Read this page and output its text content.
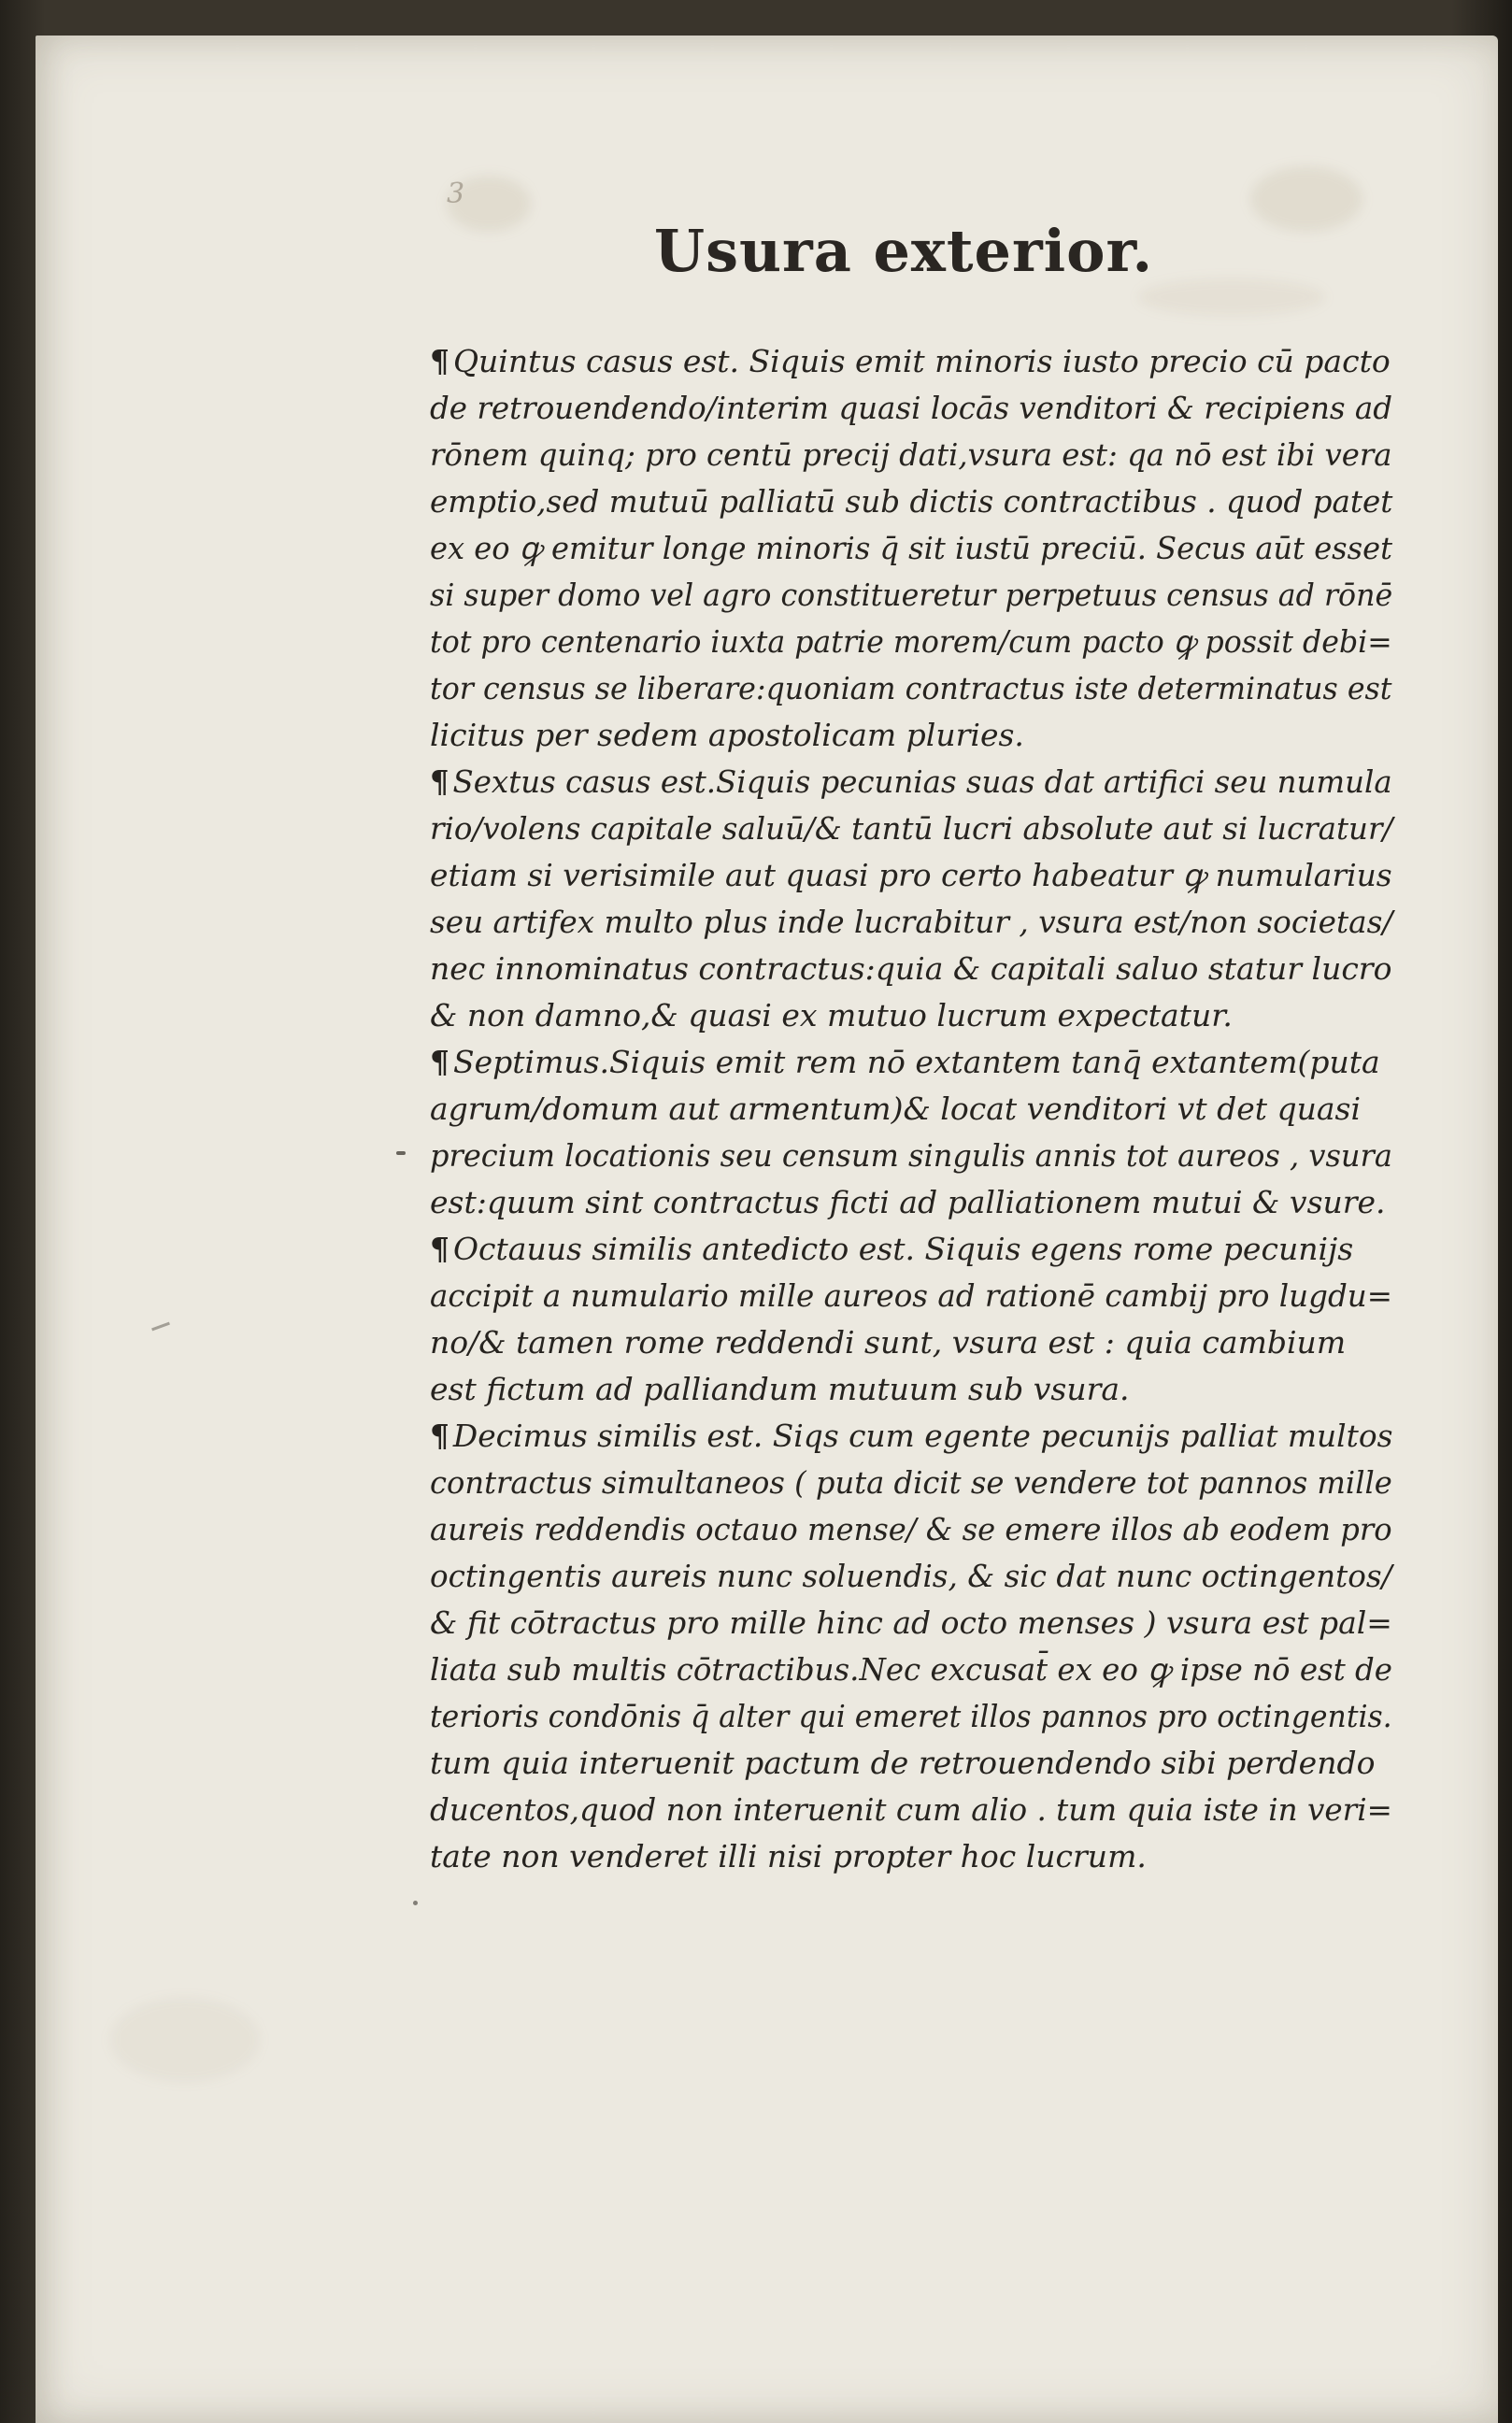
3
Usura exterior.
¶ Quintus casus est. Siquis emit minoris iusto precio cū pacto
de retrouendendo/interim quasi locās venditori & recipiens ad
rōnem quinq; pro centū precij dati,vsura est: qa nō est ibi vera
emptio,sed mutuū palliatū sub dictis contractibus . quod patet
ex eo ꝙ emitur longe minoris q̄ sit iustū preciū. Secus aūt esset
si super domo vel agro constitueretur perpetuus census ad rōnē
tot pro centenario iuxta patrie morem/cum pacto ꝙ possit debi=
tor census se liberare:quoniam contractus iste determinatus est
licitus per sedem apostolicam pluries.
¶ Sextus casus est.Siquis pecunias suas dat artifici seu numula
rio/volens capitale saluū/& tantū lucri absolute aut si lucratur/
etiam si verisimile aut quasi pro certo habeatur ꝙ numularius
seu artifex multo plus inde lucrabitur , vsura est/non societas/
nec innominatus contractus:quia & capitali saluo statur lucro
& non damno,& quasi ex mutuo lucrum expectatur.
¶ Septimus.Siquis emit rem nō extantem tanq̄ extantem(puta
agrum/domum aut armentum)& locat venditori vt det quasi
precium locationis seu censum singulis annis tot aureos , vsura
est:quum sint contractus ficti ad palliationem mutui & vsure.
¶ Octauus similis antedicto est. Siquis egens rome pecunijs
accipit a numulario mille aureos ad rationē cambij pro lugdu=
no/& tamen rome reddendi sunt, vsura est : quia cambium
est fictum ad palliandum mutuum sub vsura.
¶ Decimus similis est. Siqs cum egente pecunijs palliat multos
contractus simultaneos ( puta dicit se vendere tot pannos mille
aureis reddendis octauo mense/ & se emere illos ab eodem pro
octingentis aureis nunc soluendis, & sic dat nunc octingentos/
& fit cōtractus pro mille hinc ad octo menses ) vsura est pal=
liata sub multis cōtractibus.Nec excusat̄ ex eo ꝙ ipse nō est de
terioris condōnis q̄ alter qui emeret illos pannos pro octingentis.
tum quia interuenit pactum de retrouendendo sibi perdendo
ducentos,quod non interuenit cum alio . tum quia iste in veri=
tate non venderet illi nisi propter hoc lucrum.
